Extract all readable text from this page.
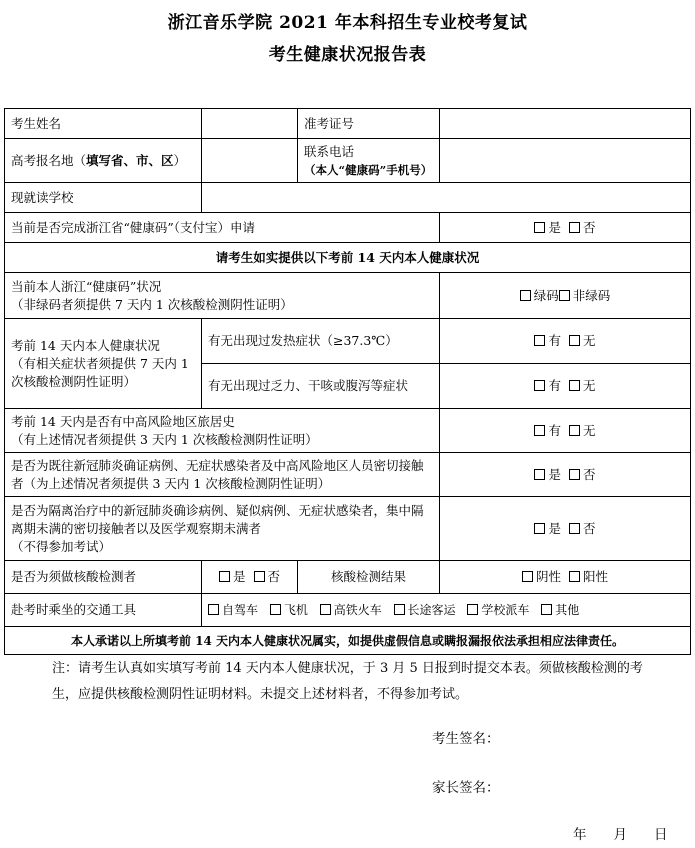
浙江音乐学院 2021 年本科招生专业校考复试
考生健康状况报告表
考生姓名		准考证号	
高考报名地（填写省、市、区）		联系电话
（本人“健康码”手机号）	

现就读学校			
当前是否完成浙江省“健康码”（支付宝）申请			是 否
请考生如实提供以下考前 14 天内本人健康状况			

当前本人浙江“健康码”状况
（非绿码者须提供 7 天内 1 次核酸检测阴性证明）			绿码 非绿码

考前 14 天内本人健康状况
（有相关症状者须提供 7 天内 1 次核酸检测阴性证明）	有无出现过发热症状（≥37.3℃）		有 无
	有无出现过乏力、干咳或腹泻等症状		有 无

考前 14 天内是否有中高风险地区旅居史
（有上述情况者须提供 3 天内 1 次核酸检测阴性证明）			有 无
是否为既往新冠肺炎确证病例、无症状感染者及中高风险地区人员密切接触者（为上述情况者须提供 3 天内 1 次核酸检测阴性证明）			是 否

是否为隔离治疗中的新冠肺炎确诊病例、疑似病例、无症状感染者，集中隔离期未满的密切接触者以及医学观察期未满者
（不得参加考试）			是 否
是否为须做核酸检测者	是 否	核酸检测结果	阴性 阳性
赴考时乘坐的交通工具	自驾车 飞机 高铁火车 长途客运 学校派车 其他		
本人承诺以上所填考前 14 天内本人健康状况属实，如提供虚假信息或瞒报漏报依法承担相应法律责任。			
注：请考生认真如实填写考前 14 天内本人健康状况，于 3 月 5 日报到时提交本表。须做核酸检测的考生，应提供核酸检测阴性证明材料。未提交上述材料者，不得参加考试。
考生签名：
家长签名：
年　　月　　日
